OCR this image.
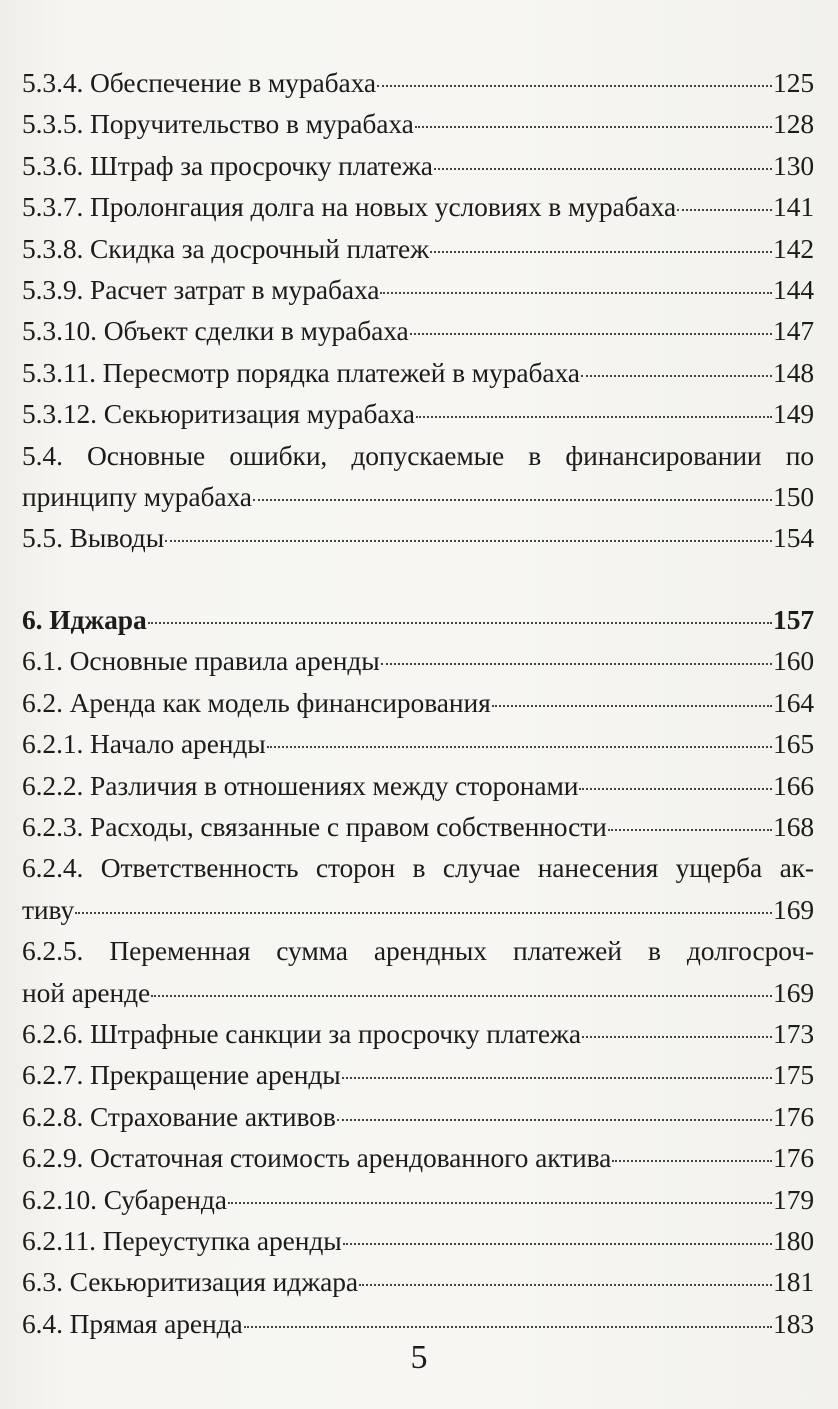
5.3.4. Обеспечение в мурабаха	125
5.3.5. Поручительство в мурабаха	128
5.3.6. Штраф за просрочку платежа	130
5.3.7. Пролонгация долга на новых условиях в мурабаха	141
5.3.8. Скидка за досрочный платеж	142
5.3.9. Расчет затрат в мурабаха	144
5.3.10. Объект сделки в мурабаха	147
5.3.11. Пересмотр порядка платежей в мурабаха	148
5.3.12. Секьюритизация мурабаха	149
5.4. Основные ошибки, допускаемые в финансировании по
принципу мурабаха	150
5.5. Выводы	154
6. Иджара	157
6.1. Основные правила аренды	160
6.2. Аренда как модель финансирования	164
6.2.1. Начало аренды	165
6.2.2. Различия в отношениях между сторонами	166
6.2.3. Расходы, связанные с правом собственности	168
6.2.4. Ответственность сторон в случае нанесения ущерба ак-
тиву	169
6.2.5. Переменная сумма арендных платежей в долгосроч-
ной аренде	169
6.2.6. Штрафные санкции за просрочку платежа	173
6.2.7. Прекращение аренды	175
6.2.8. Страхование активов	176
6.2.9. Остаточная стоимость арендованного актива	176
6.2.10. Субаренда	179
6.2.11. Переуступка аренды	180
6.3. Секьюритизация иджара	181
6.4. Прямая аренда	183
5
